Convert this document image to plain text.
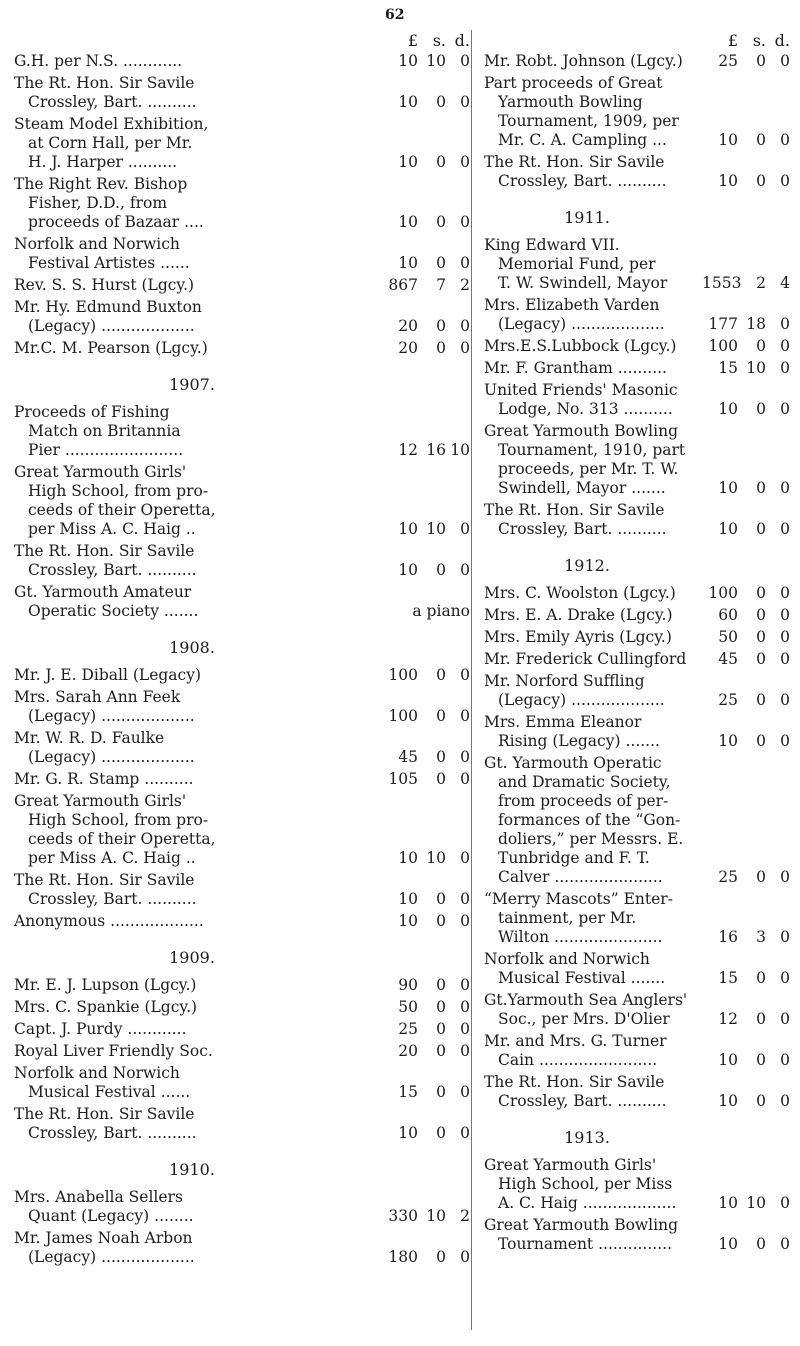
62
£ s. d.
G.H. per N.S. ............	10 10 0
The Rt. Hon. Sir Savile
Crossley, Bart. ..........	10	0 0
Steam Model Exhibition,
at Corn Hall, per Mr.
H. J. Harper ..........	10	0 0
The Right Rev. Bishop
Fisher, D.D., from
proceeds of Bazaar ....	10	0 0
Norfolk and Norwich
Festival Artistes ......	10	0 0
Rev. S. S. Hurst (Lgcy.)	867	7 2
Mr. Hy. Edmund Buxton
(Legacy) ...................	20	0 0
Mr.C. M. Pearson (Lgcy.)	20	0 0
1907.
Proceeds of Fishing
Match on Britannia
Pier ........................	12 16 10
Great Yarmouth Girls'
High School, from pro-
ceeds of their Operetta,
per Miss A. C. Haig ..	10 10 0
The Rt. Hon. Sir Savile
Crossley, Bart. ..........	10	0 0
Gt. Yarmouth Amateur
Operatic Society .......	a piano
1908.
Mr. J. E. Diball (Legacy)	100	0 0
Mrs. Sarah Ann Feek
(Legacy) ...................	100	0 0
Mr. W. R. D. Faulke
(Legacy) ...................	45	0 0
Mr. G. R. Stamp ..........	105	0 0
Great Yarmouth Girls'
High School, from pro-
ceeds of their Operetta,
per Miss A. C. Haig ..	10 10 0
The Rt. Hon. Sir Savile
Crossley, Bart. ..........	10	0 0
Anonymous ...................	10	0 0
1909.
Mr. E. J. Lupson (Lgcy.)	90	0 0
Mrs. C. Spankie (Lgcy.)	50	0 0
Capt. J. Purdy ............	25	0 0
Royal Liver Friendly Soc.	20	0 0
Norfolk and Norwich
Musical Festival ......	15	0 0
The Rt. Hon. Sir Savile
Crossley, Bart. ..........	10	0 0
1910.
Mrs. Anabella Sellers
Quant (Legacy) ........	330 10 2
Mr. James Noah Arbon
(Legacy) ...................	180	0 0
£ s. d.
Mr. Robt. Johnson (Lgcy.)	25	0 0
Part proceeds of Great
Yarmouth Bowling
Tournament, 1909, per
Mr. C. A. Campling ...	10	0 0
The Rt. Hon. Sir Savile
Crossley, Bart. ..........	10	0 0
1911.
King Edward VII.
Memorial Fund, per
T. W. Swindell, Mayor	1553 2 4
Mrs. Elizabeth Varden
(Legacy) ...................	177 18 0
Mrs.E.S.Lubbock (Lgcy.)	100	0 0
Mr. F. Grantham ..........	15 10 0
United Friends' Masonic
Lodge, No. 313 ..........	10	0 0
Great Yarmouth Bowling
Tournament, 1910, part
proceeds, per Mr. T. W.
Swindell, Mayor .......	10	0 0
The Rt. Hon. Sir Savile
Crossley, Bart. ..........	10	0 0
1912.
Mrs. C. Woolston (Lgcy.)	100	0 0
Mrs. E. A. Drake (Lgcy.)	60	0 0
Mrs. Emily Ayris (Lgcy.)	50	0 0
Mr. Frederick Cullingford	45	0 0
Mr. Norford Suffling
(Legacy) ...................	25	0 0
Mrs. Emma Eleanor
Rising (Legacy) .......	10	0 0
Gt. Yarmouth Operatic
and Dramatic Society,
from proceeds of per-
formances of the “Gon-
doliers,” per Messrs. E.
Tunbridge and F. T.
Calver ......................	25	0 0
“Merry Mascots” Enter-
tainment, per Mr.
Wilton ......................	16	3 0
Norfolk and Norwich
Musical Festival .......	15	0 0
Gt.Yarmouth Sea Anglers'
Soc., per Mrs. D'Olier	12	0 0
Mr. and Mrs. G. Turner
Cain ........................	10	0 0
The Rt. Hon. Sir Savile
Crossley, Bart. ..........	10	0 0
1913.
Great Yarmouth Girls'
High School, per Miss
A. C. Haig ...................	10 10 0
Great Yarmouth Bowling
Tournament ...............	10	0 0
